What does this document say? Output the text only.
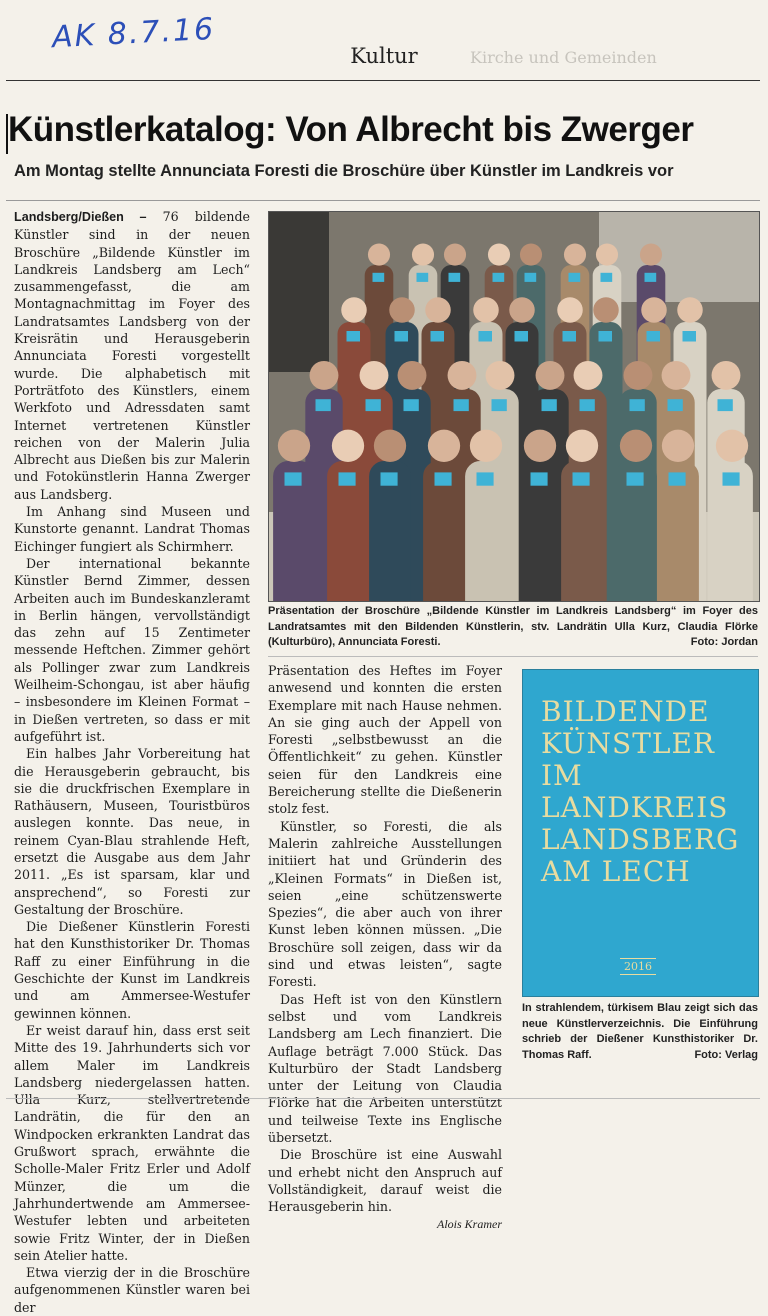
AK 8.7.16
Kirche und Gemeinden
Kultur
Künstlerkatalog: Von Albrecht bis Zwerger
Am Montag stellte Annunciata Foresti die Broschüre über Künstler im Landkreis vor

Landsberg/Dießen – 76 bildende Künstler sind in der neuen Broschüre „Bildende Künstler im Landkreis Landsberg am Lech“ zusammengefasst, die am Montagnachmittag im Foyer des Landratsamtes Landsberg von der Kreisrätin und Herausgeberin Annunciata Foresti vorgestellt wurde. Die alphabetisch mit Porträtfoto des Künstlers, einem Werkfoto und Adressdaten samt Internet vertretenen Künstler reichen von der Malerin Julia Albrecht aus Dießen bis zur Malerin und Fotokünstlerin Hanna Zwerger aus Landsberg.

Im Anhang sind Museen und Kunstorte genannt. Landrat Thomas Eichinger fungiert als Schirmherr.

Der international bekannte Künstler Bernd Zimmer, dessen Arbeiten auch im Bundeskanzleramt in Berlin hängen, vervollständigt das zehn auf 15 Zentimeter messende Heftchen. Zimmer gehört als Pollinger zwar zum Landkreis Weilheim-Schongau, ist aber häufig – insbesondere im Kleinen Format – in Dießen vertreten, so dass er mit aufgeführt ist.

Ein halbes Jahr Vorbereitung hat die Herausgeberin gebraucht, bis sie die druckfrischen Exemplare in Rathäusern, Museen, Touristbüros auslegen konnte. Das neue, in reinem Cyan-Blau strahlende Heft, ersetzt die Ausgabe aus dem Jahr 2011. „Es ist sparsam, klar und ansprechend“, so Foresti zur Gestaltung der Broschüre.

Die Dießener Künstlerin Foresti hat den Kunsthistoriker Dr. Thomas Raff zu einer Einführung in die Geschichte der Kunst im Landkreis und am Ammersee-Westufer gewinnen können.

Er weist darauf hin, dass erst seit Mitte des 19. Jahrhunderts sich vor allem Maler im Landkreis Landsberg niedergelassen hatten. Ulla Kurz, stellvertretende Landrätin, die für den an Windpocken erkrankten Landrat das Grußwort sprach, erwähnte die Scholle-Maler Fritz Erler und Adolf Münzer, die um die Jahrhundertwende am Ammersee-Westufer lebten und arbeiteten sowie Fritz Winter, der in Dießen sein Atelier hatte.

Etwa vierzig der in die Broschüre aufgenommenen Künstler waren bei der

Präsentation der Broschüre „Bildende Künstler im Landkreis Landsberg“ im Foyer des Landratsamtes mit den Bildenden Künstlerin, stv. Landrätin Ulla Kurz, Claudia Flörke (Kulturbüro), Annunciata Foresti.	Foto: Jordan

Präsentation des Heftes im Foyer anwesend und konnten die ersten Exemplare mit nach Hause nehmen. An sie ging auch der Appell von Foresti „selbstbewusst an die Öffentlichkeit“ zu gehen. Künstler seien für den Landkreis eine Bereicherung stellte die Dießenerin stolz fest.

Künstler, so Foresti, die als Malerin zahlreiche Ausstellungen initiiert hat und Gründerin des „Kleinen Formats“ in Dießen ist, seien „eine schützenswerte Spezies“, die aber auch von ihrer Kunst leben können müssen. „Die Broschüre soll zeigen, dass wir da sind und etwas leisten“, sagte Foresti.

Das Heft ist von den Künstlern selbst und vom Landkreis Landsberg am Lech finanziert. Die Auflage beträgt 7.000 Stück. Das Kulturbüro der Stadt Landsberg unter der Leitung von Claudia Flörke hat die Arbeiten unterstützt und teilweise Texte ins Englische übersetzt.

Die Broschüre ist eine Auswahl und erhebt nicht den Anspruch auf Vollständigkeit, darauf weist die Herausgeberin hin.

Alois Kramer
BILDENDE
KÜNSTLER
IM
LANDKREIS
LANDSBERG
AM LECH
2016
In strahlendem, türkisem Blau zeigt sich das neue Künstlerverzeichnis. Die Einführung schrieb der Dießener Kunsthistoriker Dr. Thomas Raff.	Foto: Verlag
